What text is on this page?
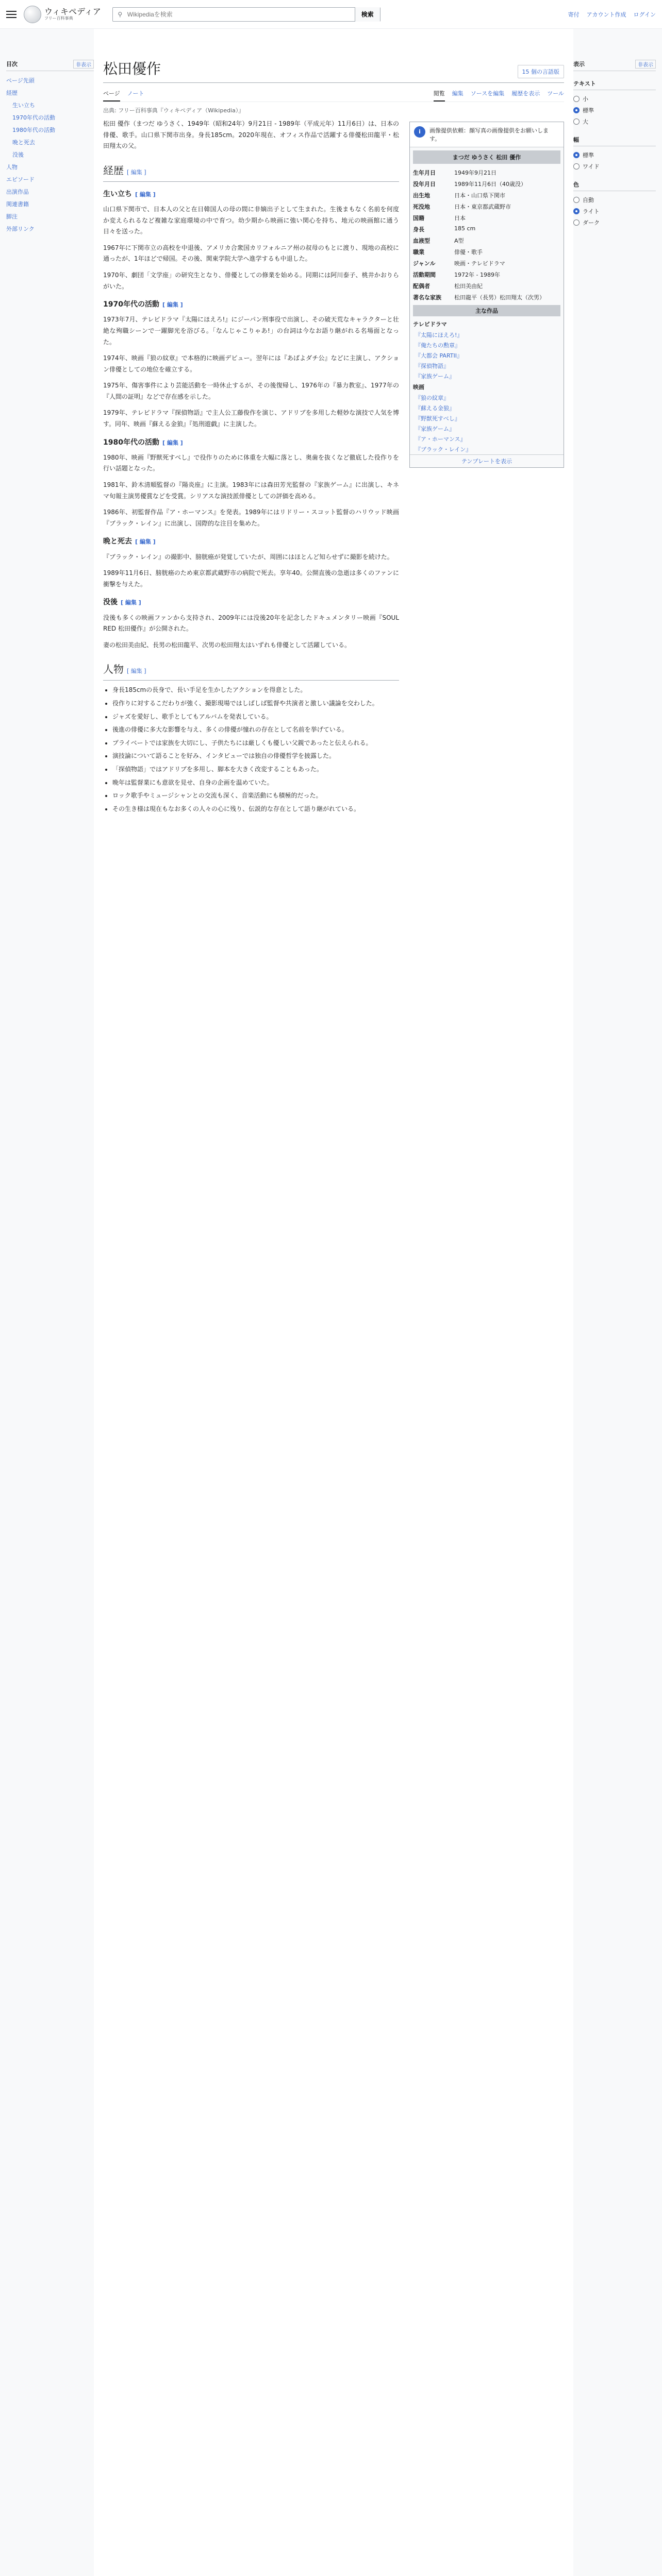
ウィキペディア
フリー百科事典
⚲
Wikipediaを検索	検索	寄付 アカウント作成 ログイン
目次	非表示
ページ先頭
経歴
生い立ち
1970年代の活動
1980年代の活動
晩と死去
没後
人物
エピソード
出演作品
関連書籍
脚注
外部リンク
松田優作	15 個の言語版
ページ ノート	閲覧 編集 ソースを編集 履歴を表示 ツール
出典: フリー百科事典『ウィキペディア（Wikipedia）』

松田 優作（まつだ ゆうさく、1949年（昭和24年）9月21日 - 1989年（平成元年）11月6日）は、日本の俳優、歌手。山口県下関市出身。身長185cm。2020年現在、オフィス作品で活躍する俳優松田龍平・松田翔太の父。

経歴 [ 編集 ]
生い立ち [ 編集 ]

山口県下関市で、日本人の父と在日韓国人の母の間に非嫡出子として生まれた。生後まもなく名前を何度か変えられるなど複雑な家庭環境の中で育つ。幼少期から映画に強い関心を持ち、地元の映画館に通う日々を送った。

1967年に下関市立の高校を中退後、アメリカ合衆国カリフォルニア州の叔母のもとに渡り、現地の高校に通ったが、1年ほどで帰国。その後、関東学院大学へ進学するも中退した。

1970年、劇団「文学座」の研究生となり、俳優としての修業を始める。同期には阿川泰子、桃井かおりらがいた。

1970年代の活動 [ 編集 ]

1973年7月、テレビドラマ『太陽にほえろ!』にジーパン刑事役で出演し、その破天荒なキャラクターと壮絶な殉職シーンで一躍脚光を浴びる。「なんじゃこりゃあ!」の台詞は今なお語り継がれる名場面となった。

1974年、映画『狼の紋章』で本格的に映画デビュー。翌年には『あばよダチ公』などに主演し、アクション俳優としての地位を確立する。

1975年、傷害事件により芸能活動を一時休止するが、その後復帰し、1976年の『暴力教室』、1977年の『人間の証明』などで存在感を示した。

1979年、テレビドラマ『探偵物語』で主人公工藤俊作を演じ、アドリブを多用した軽妙な演技で人気を博す。同年、映画『蘇える金狼』『処刑遊戯』に主演した。

1980年代の活動 [ 編集 ]

1980年、映画『野獣死すべし』で役作りのために体重を大幅に落とし、奥歯を抜くなど徹底した役作りを行い話題となった。

1981年、鈴木清順監督の『陽炎座』に主演。1983年には森田芳光監督の『家族ゲーム』に出演し、キネマ旬報主演男優賞などを受賞。シリアスな演技派俳優としての評価を高める。

1986年、初監督作品『ア・ホーマンス』を発表。1989年にはリドリー・スコット監督のハリウッド映画『ブラック・レイン』に出演し、国際的な注目を集めた。

晩と死去 [ 編集 ]

『ブラック・レイン』の撮影中、膀胱癌が発覚していたが、周囲にはほとんど知らせずに撮影を続けた。

1989年11月6日、膀胱癌のため東京都武蔵野市の病院で死去。享年40。公開直後の急逝は多くのファンに衝撃を与えた。

没後 [ 編集 ]

没後も多くの映画ファンから支持され、2009年には没後20年を記念したドキュメンタリー映画『SOUL RED 松田優作』が公開された。

妻の松田美由紀、長男の松田龍平、次男の松田翔太はいずれも俳優として活躍している。

人物 [ 編集 ]
• 身長185cmの長身で、長い手足を生かしたアクションを得意とした。
• 役作りに対するこだわりが強く、撮影現場ではしばしば監督や共演者と激しい議論を交わした。
• ジャズを愛好し、歌手としてもアルバムを発表している。
• 後進の俳優に多大な影響を与え、多くの俳優が憧れの存在として名前を挙げている。
• プライベートでは家族を大切にし、子供たちには厳しくも優しい父親であったと伝えられる。
• 演技論について語ることを好み、インタビューでは独自の俳優哲学を披露した。
• 「探偵物語」ではアドリブを多用し、脚本を大きく改変することもあった。
• 晩年は監督業にも意欲を見せ、自身の企画を温めていた。
• ロック歌手やミュージシャンとの交流も深く、音楽活動にも積極的だった。
• その生き様は現在もなお多くの人々の心に残り、伝説的な存在として語り継がれている。
i	画像提供依頼：顔写真の画像提供をお願いします。
まつだ ゆうさく 松田 優作
生年月日	1949年9月21日
没年月日	1989年11月6日（40歳没）
出生地	日本・山口県下関市
死没地	日本・東京都武蔵野市
国籍	日本
身長	185 cm
血液型	A型
職業	俳優・歌手
ジャンル	映画・テレビドラマ
活動期間	1972年 - 1989年
配偶者	松田美由紀
著名な家族	松田龍平（長男）松田翔太（次男）
主な作品
テレビドラマ
『太陽にほえろ!』
『俺たちの勲章』
『大都会 PARTII』
『探偵物語』
『家族ゲーム』
映画
『狼の紋章』
『蘇える金狼』
『野獣死すべし』
『家族ゲーム』
『ア・ホーマンス』
『ブラック・レイン』
テンプレートを表示
表示	非表示
テキスト
小
標準
大
幅
標準
ワイド
色
自動
ライト
ダーク
